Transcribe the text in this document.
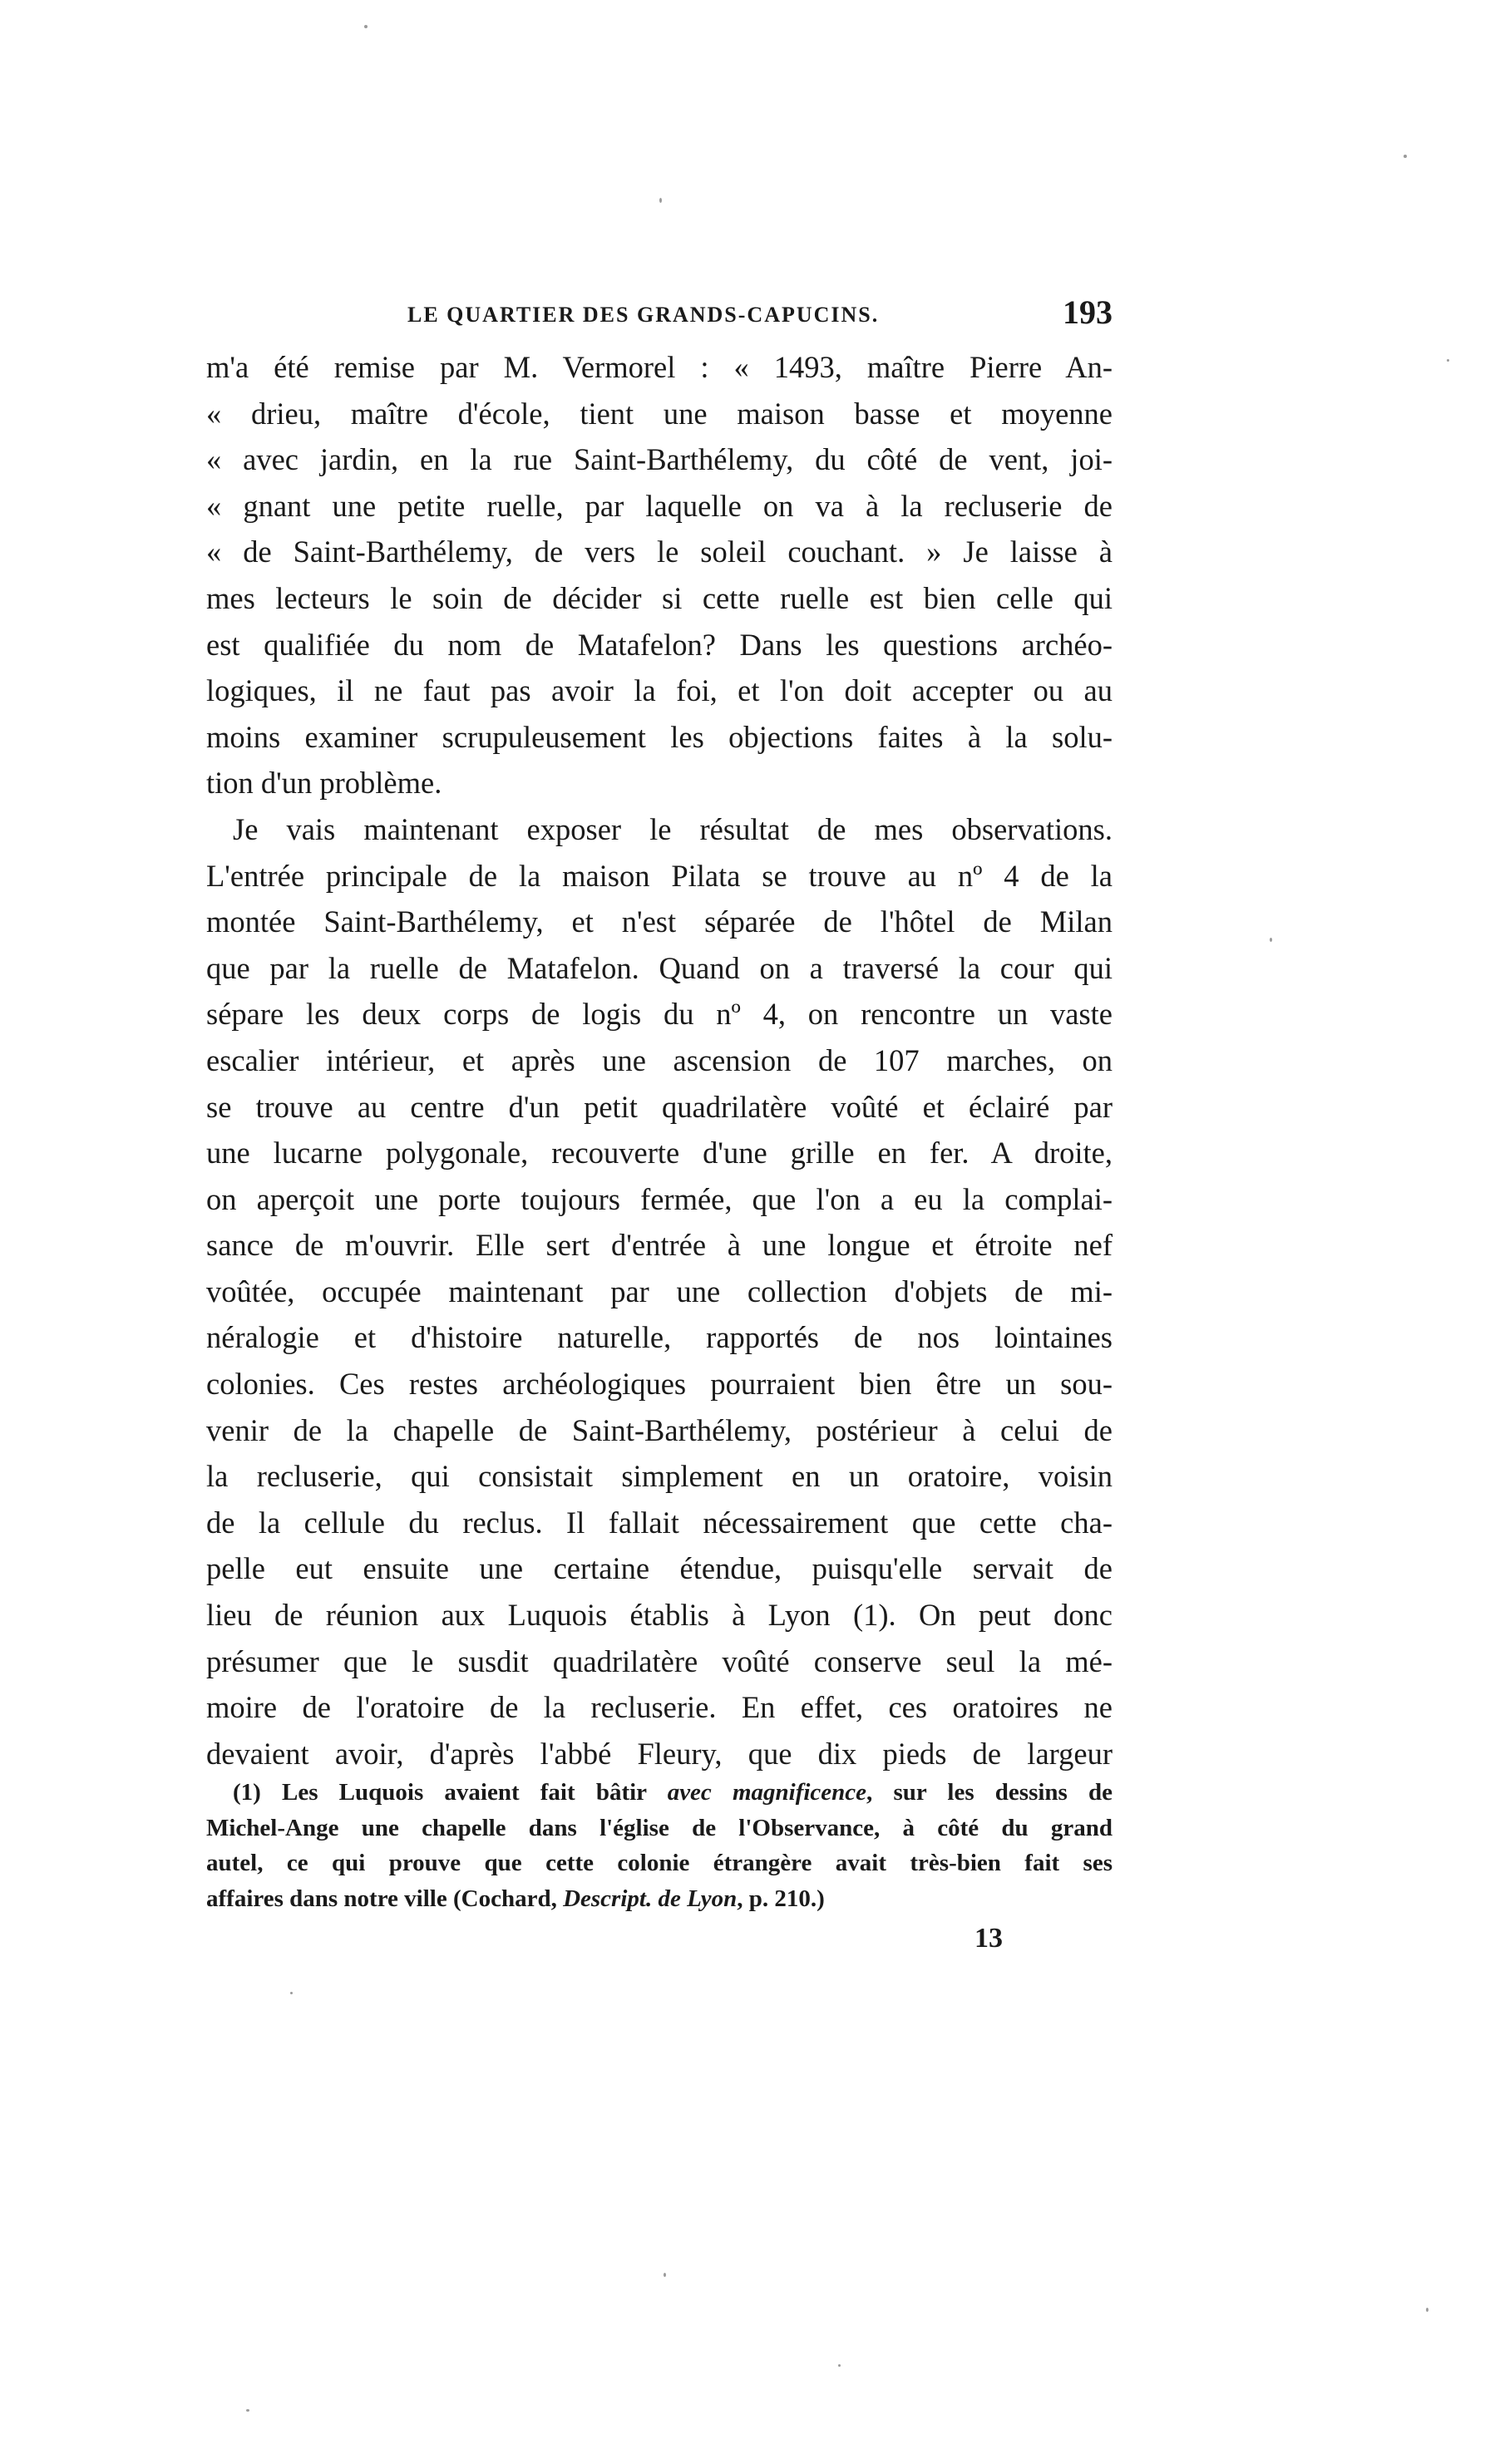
LE QUARTIER DES GRANDS-CAPUCINS.	193
m'a été remise par M. Vermorel : « 1493, maître Pierre An-
« drieu, maître d'école, tient une maison basse et moyenne
« avec jardin, en la rue Saint-Barthélemy, du côté de vent, joi-
« gnant une petite ruelle, par laquelle on va à la recluserie de
« de Saint-Barthélemy, de vers le soleil couchant. » Je laisse à
mes lecteurs le soin de décider si cette ruelle est bien celle qui
est qualifiée du nom de Matafelon? Dans les questions archéo-
logiques, il ne faut pas avoir la foi, et l'on doit accepter ou au
moins examiner scrupuleusement les objections faites à la solu-
tion d'un problème.
Je vais maintenant exposer le résultat de mes observations.
L'entrée principale de la maison Pilata se trouve au nº 4 de la
montée Saint-Barthélemy, et n'est séparée de l'hôtel de Milan
que par la ruelle de Matafelon. Quand on a traversé la cour qui
sépare les deux corps de logis du nº 4, on rencontre un vaste
escalier intérieur, et après une ascension de 107 marches, on
se trouve au centre d'un petit quadrilatère voûté et éclairé par
une lucarne polygonale, recouverte d'une grille en fer. A droite,
on aperçoit une porte toujours fermée, que l'on a eu la complai-
sance de m'ouvrir. Elle sert d'entrée à une longue et étroite nef
voûtée, occupée maintenant par une collection d'objets de mi-
néralogie et d'histoire naturelle, rapportés de nos lointaines
colonies. Ces restes archéologiques pourraient bien être un sou-
venir de la chapelle de Saint-Barthélemy, postérieur à celui de
la recluserie, qui consistait simplement en un oratoire, voisin
de la cellule du reclus. Il fallait nécessairement que cette cha-
pelle eut ensuite une certaine étendue, puisqu'elle servait de
lieu de réunion aux Luquois établis à Lyon (1). On peut donc
présumer que le susdit quadrilatère voûté conserve seul la mé-
moire de l'oratoire de la recluserie. En effet, ces oratoires ne
devaient avoir, d'après l'abbé Fleury, que dix pieds de largeur
(1) Les Luquois avaient fait bâtir avec magnificence, sur les dessins de
Michel-Ange une chapelle dans l'église de l'Observance, à côté du grand
autel, ce qui prouve que cette colonie étrangère avait très-bien fait ses
affaires dans notre ville (Cochard, Descript. de Lyon, p. 210.)
13
